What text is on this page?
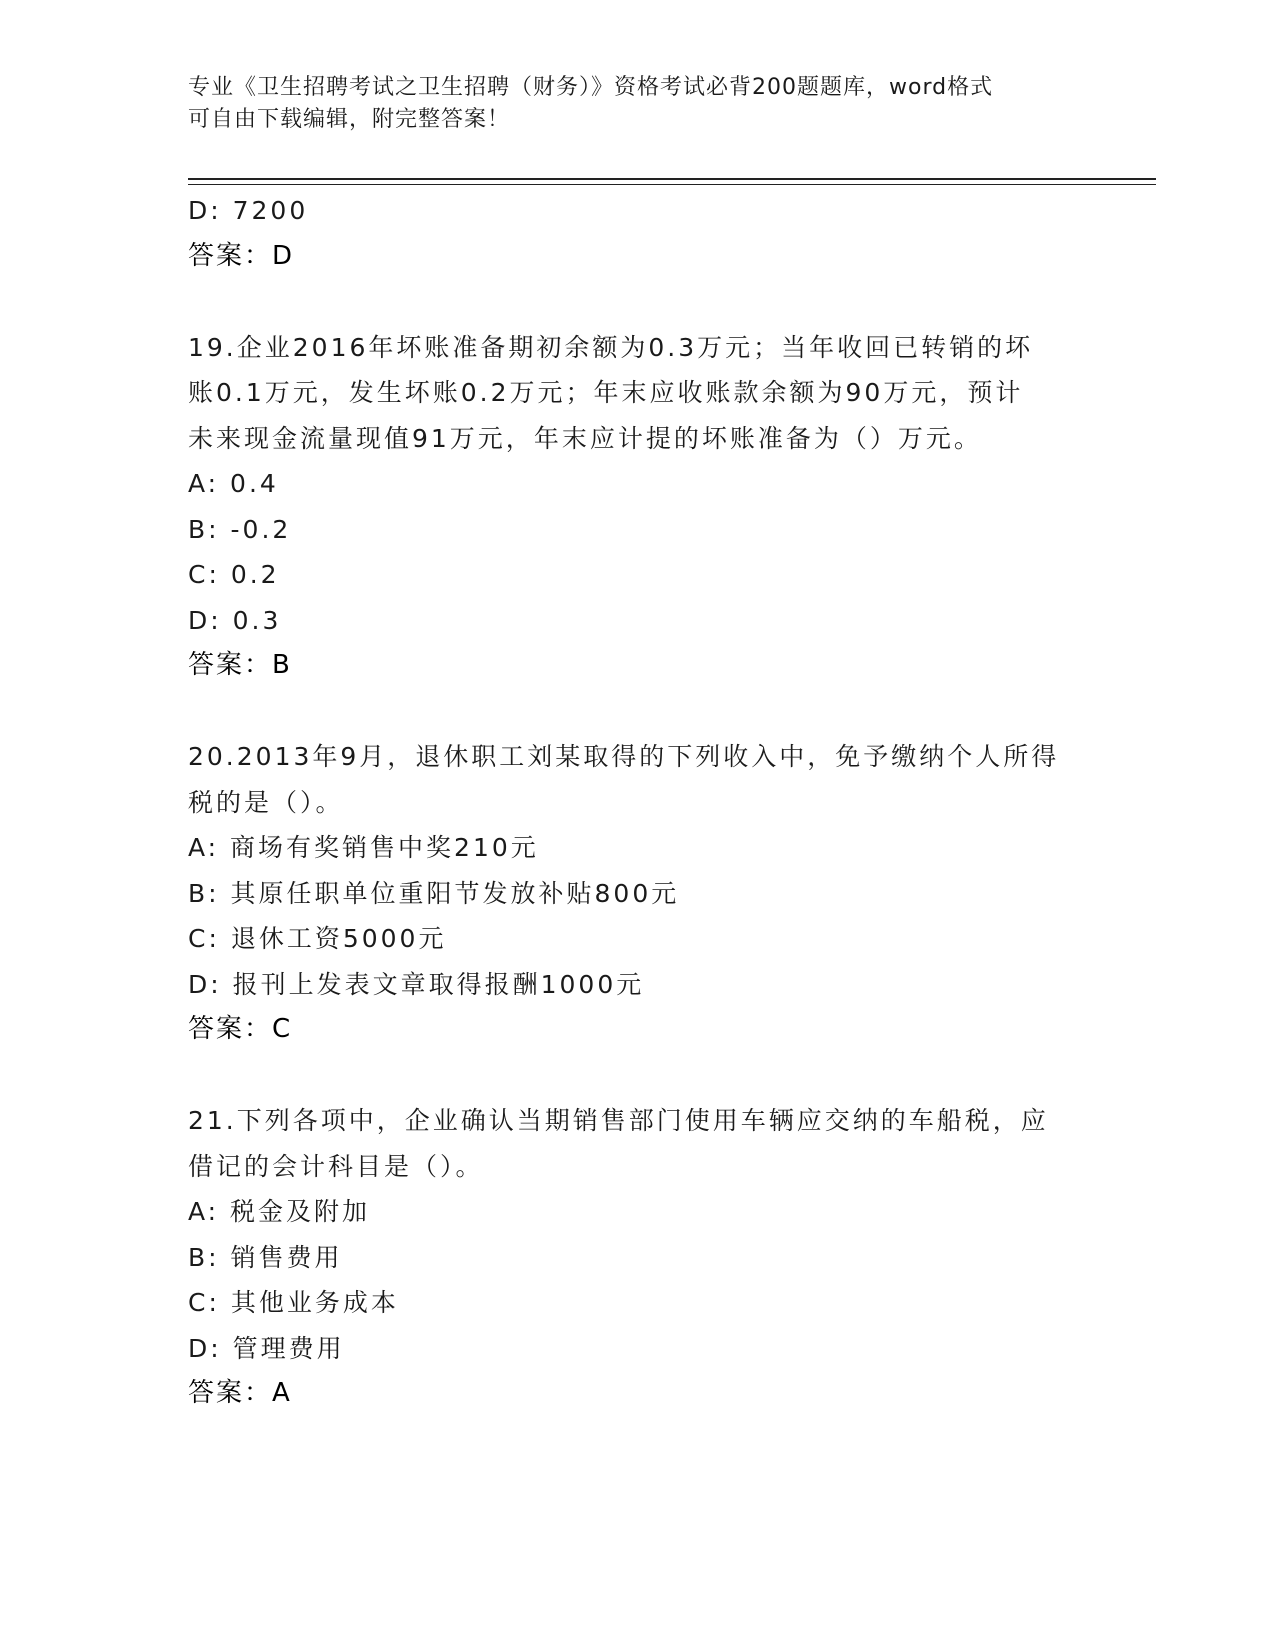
专业《卫生招聘考试之卫生招聘（财务）》资格考试必背200题题库，word格式
可自由下载编辑，附完整答案！
D: 7200
答案：D
19.企业2016年坏账准备期初余额为0.3万元；当年收回已转销的坏
账0.1万元，发生坏账0.2万元；年末应收账款余额为90万元，预计
未来现金流量现值91万元，年末应计提的坏账准备为（）万元。
A: 0.4
B: -0.2
C: 0.2
D: 0.3
答案：B
20.2013年9月，退休职工刘某取得的下列收入中，免予缴纳个人所得
税的是（）。
A: 商场有奖销售中奖210元
B: 其原任职单位重阳节发放补贴800元
C: 退休工资5000元
D: 报刊上发表文章取得报酬1000元
答案：C
21.下列各项中，企业确认当期销售部门使用车辆应交纳的车船税，应
借记的会计科目是（）。
A: 税金及附加
B: 销售费用
C: 其他业务成本
D: 管理费用
答案：A
